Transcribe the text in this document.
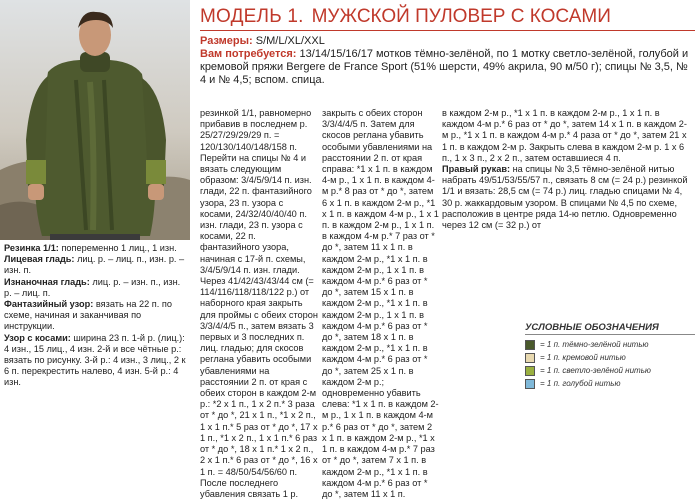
МОДЕЛЬ 1. МУЖСКОЙ ПУЛОВЕР С КОСАМИ
Размеры: S/M/L/XL/XXL
Вам потребуется: 13/14/15/16/17 мотков тёмно-зелёной, по 1 мотку светло-зелёной, голубой и кремовой пряжи Bergere de France Sport (51% шерсти, 49% акрила, 90 м/50 г); спицы № 3,5, № 4 и № 4,5; вспом. спица.

Резинка 1/1: попеременно 1 лиц., 1 изн.

Лицевая гладь: лиц. р. – лиц. п., изн. р. – изн. п.

Изнаночная гладь: лиц. р. – изн. п., изн. р. – лиц. п.

Фантазийный узор: вязать на 22 п. по схеме, начиная и заканчивая по инструкции.

Узор с косами: ширина 23 п. 1-й р. (лиц.): 4 изн., 15 лиц., 4 изн. 2-й и все чётные р.: вязать по рисунку. 3-й р.: 4 изн., 3 лиц., 2 к 6 п. перекрестить налево, 4 изн. 5-й р.: 4 изн.

резинкой 1/1, равномерно прибавив в последнем р. 25/27/29/29/29 п. = 120/130/140/148/158 п. Перейти на спицы № 4 и вязать следующим образом: 3/4/5/9/14 п. изн. глади, 22 п. фантазийного узора, 23 п. узора с косами, 24/32/40/40/40 п. изн. глади, 23 п. узора с косами, 22 п. фантазийного узора, начиная с 17-й п. схемы, 3/4/5/9/14 п. изн. глади. Через 41/42/43/43/44 см (= 114/116/118/118/122 р.) от наборного края закрыть для проймы с обеих сторон 3/3/4/4/5 п., затем вязать 3 первых и 3 последних п. лиц. гладью; для скосов реглана убавить особыми убавлениями на расстоянии 2 п. от края с обеих сторон в каждом 2-м р.: *2 х 1 п., 1 х 2 п.* 3 раза от * до *, 21 х 1 п., *1 х 2 п., 1 х 1 п.* 5 раз от * до *, 17 х 1 п., *1 х 2 п., 1 х 1 п.* 6 раз от * до *, 18 х 1 п.* 1 х 2 п., 2 х 1 п.* 6 раз от * до *, 16 х 1 п. = 48/50/54/56/60 п. После последнего убавления связать 1 р.

закрыть с обеих сторон 3/3/4/4/5 п. Затем для скосов реглана убавить особыми убавлениями на расстоянии 2 п. от края справа: *1 х 1 п. в каждом 4-м р., 1 х 1 п. в каждом 4-м р.* 8 раз от * до *, затем 6 х 1 п. в каждом 2-м р., *1 х 1 п. в каждом 4-м р., 1 х 1 п. в каждом 2-м р., 1 х 1 п. в каждом 4-м р.* 7 раз от * до *, затем 11 х 1 п. в каждом 2-м р., *1 х 1 п. в каждом 2-м р., 1 х 1 п. в каждом 4-м р.* 6 раз от * до *, затем 15 х 1 п. в каждом 2-м р., *1 х 1 п. в каждом 2-м р., 1 х 1 п. в каждом 4-м р.* 6 раз от * до *, затем 18 х 1 п. в каждом 2-м р., *1 х 1 п. в каждом 4-м р.* 6 раз от * до *, затем 25 х 1 п. в каждом 2-м р.; одновременно убавить слева: *1 х 1 п. в каждом 2-м р., 1 х 1 п. в каждом 4-м р.* 6 раз от * до *, затем 2 х 1 п. в каждом 2-м р., *1 х 1 п. в каждом 4-м р.* 7 раз от * до *, затем 7 х 1 п. в каждом 2-м р., *1 х 1 п. в каждом 4-м р.* 6 раз от * до *, затем 11 х 1 п.

в каждом 2-м р., *1 х 1 п. в каждом 2-м р., 1 х 1 п. в каждом 4-м р.* 6 раз от * до *, затем 14 х 1 п. в каждом 2-м р., *1 х 1 п. в каждом 4-м р.* 4 раза от * до *, затем 21 х 1 п. в каждом 2-м р. Закрыть слева в каждом 2-м р. 1 х 6 п., 1 х 3 п., 2 х 2 п., затем оставшиеся 4 п.

Правый рукав: на спицы № 3,5 тёмно-зелёной нитью набрать 49/51/53/55/57 п., связать 8 см (= 24 р.) резинкой 1/1 и вязать: 28,5 см (= 74 р.) лиц. гладью спицами № 4, 30 р. жаккардовым узором. В спицами № 4,5 по схеме, расположив в центре ряда 14-ю петлю. Одновременно через 12 см (= 32 р.) от

УСЛОВНЫЕ ОБОЗНАЧЕНИЯ
= 1 п. тёмно-зелёной нитью
= 1 п. кремовой нитью
= 1 п. светло-зелёной нитью
= 1 п. голубой нитью
